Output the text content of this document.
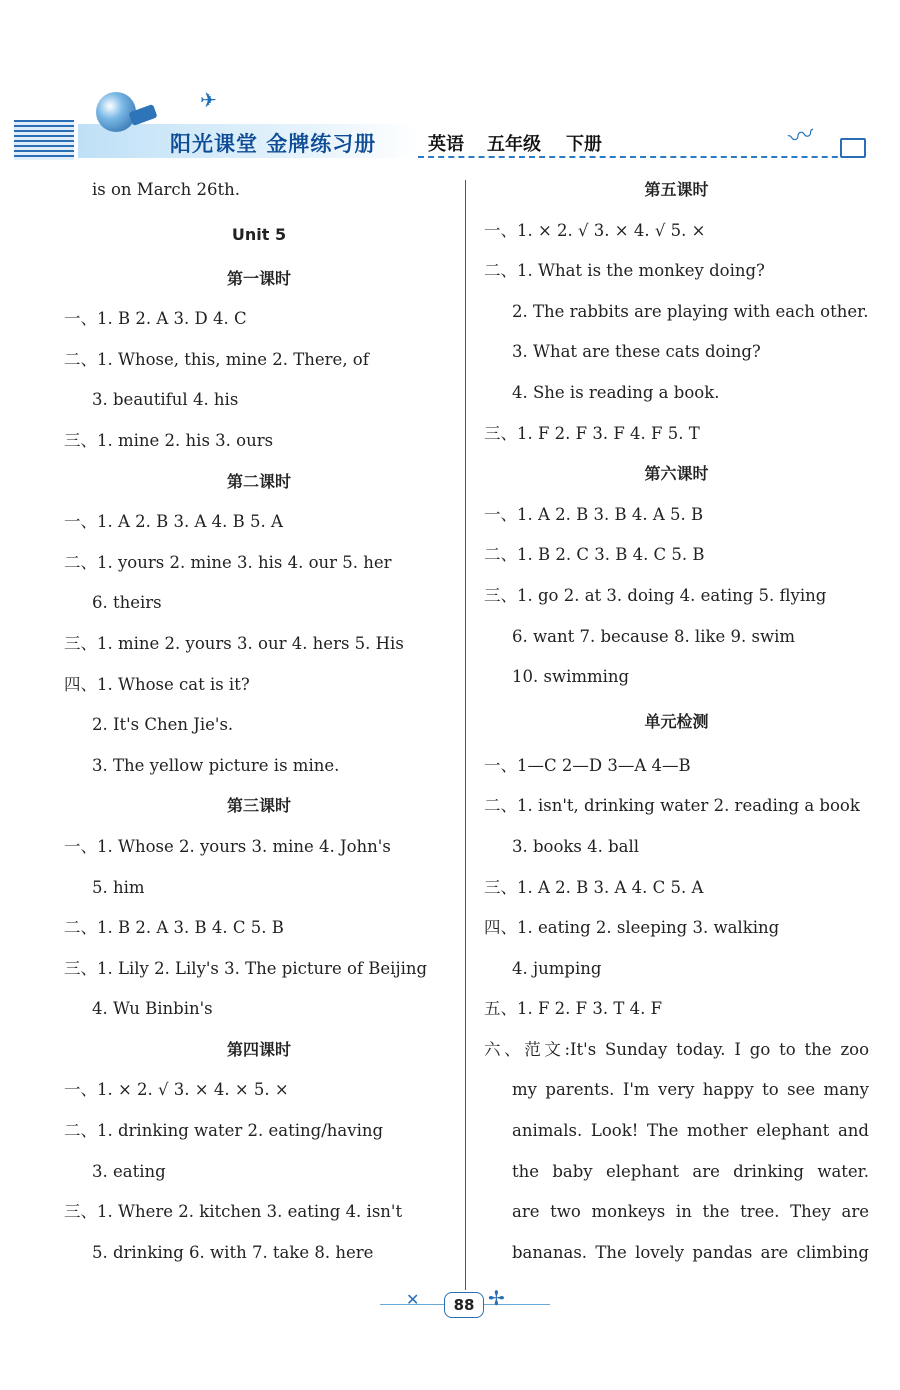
✈
阳光课堂 金牌练习册	英语 五年级 下册	〰
is on March 26th.
Unit 5
第一课时
一、1. B 2. A 3. D 4. C
二、1. Whose, this, mine 2. There, of
3. beautiful 4. his
三、1. mine 2. his 3. ours
第二课时
一、1. A 2. B 3. A 4. B 5. A
二、1. yours 2. mine 3. his 4. our 5. her
6. theirs
三、1. mine 2. yours 3. our 4. hers 5. His
四、1. Whose cat is it?
2. It's Chen Jie's.
3. The yellow picture is mine.
第三课时
一、1. Whose 2. yours 3. mine 4. John's
5. him
二、1. B 2. A 3. B 4. C 5. B
三、1. Lily 2. Lily's 3. The picture of Beijing
4. Wu Binbin's
第四课时
一、1. × 2. √ 3. × 4. × 5. ×
二、1. drinking water 2. eating/having
3. eating
三、1. Where 2. kitchen 3. eating 4. isn't
5. drinking 6. with 7. take 8. here
第五课时
一、1. × 2. √ 3. × 4. √ 5. ×
二、1. What is the monkey doing?
2. The rabbits are playing with each other.
3. What are these cats doing?
4. She is reading a book.
三、1. F 2. F 3. F 4. F 5. T
第六课时
一、1. A 2. B 3. B 4. A 5. B
二、1. B 2. C 3. B 4. C 5. B
三、1. go 2. at 3. doing 4. eating 5. flying
6. want 7. because 8. like 9. swim
10. swimming
单元检测
一、1—C 2—D 3—A 4—B
二、1. isn't, drinking water 2. reading a book
3. books 4. ball
三、1. A 2. B 3. A 4. C 5. A
四、1. eating 2. sleeping 3. walking
4. jumping
五、1. F 2. F 3. T 4. F
六、范文:It's Sunday today. I go to the zoo
my parents. I'm very happy to see many
animals. Look! The mother elephant and
the baby elephant are drinking water.
are two monkeys in the tree. They are
bananas. The lovely pandas are climbing
✕	88 ✢
